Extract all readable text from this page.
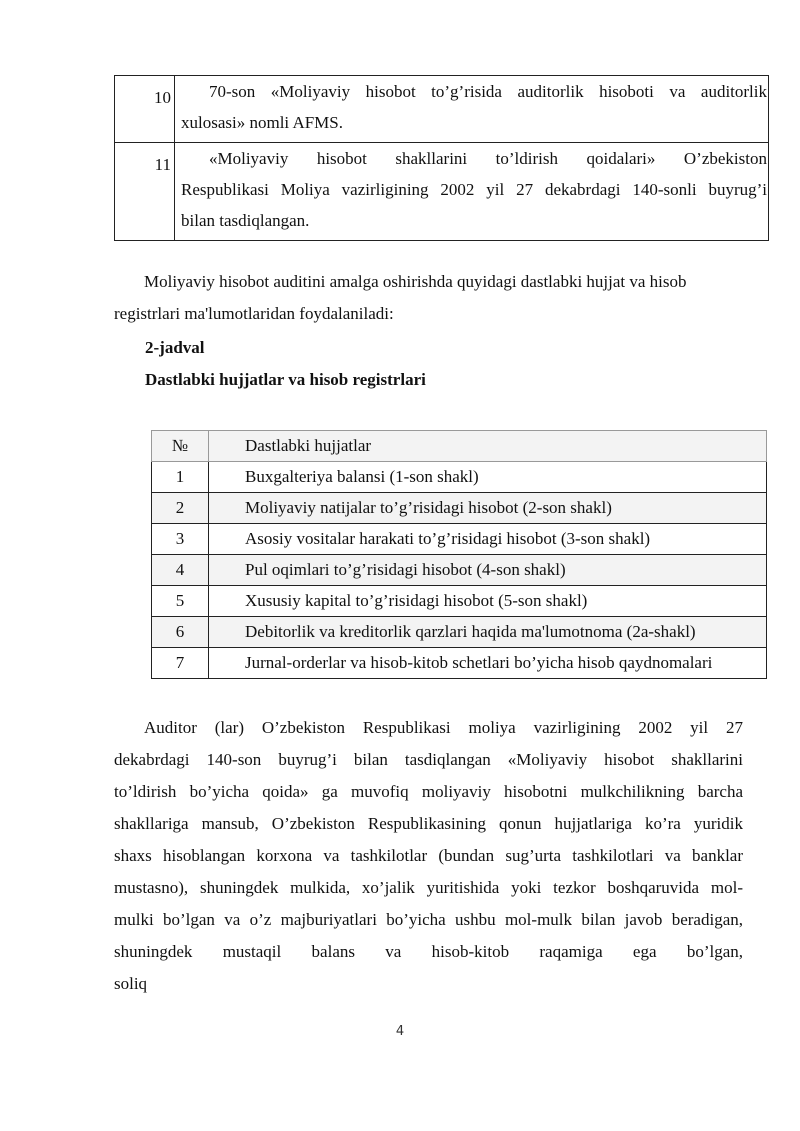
10	70-son «Moliyaviy hisobot to’g’risida auditorlik hisoboti va auditorlik
xulosasi» nomli AFMS.
11	«Moliyaviy hisobot shakllarini to’ldirish qoidalari» O’zbekiston
Respublikasi Moliya vazirligining 2002 yil 27 dekabrdagi 140-sonli buyrug’i
bilan tasdiqlangan.
Moliyaviy hisobot auditini amalga oshirishda quyidagi dastlabki hujjat va hisob
registrlari ma'lumotlaridan foydalaniladi:
2-jadval
Dastlabki hujjatlar va hisob registrlari
№	Dastlabki hujjatlar
1	Buxgalteriya balansi (1-son shakl)
2	Moliyaviy natijalar to’g’risidagi hisobot (2-son shakl)
3	Asosiy vositalar harakati to’g’risidagi hisobot (3-son shakl)
4	Pul oqimlari to’g’risidagi hisobot (4-son shakl)
5	Xususiy kapital to’g’risidagi hisobot (5-son shakl)
6	Debitorlik va kreditorlik qarzlari haqida ma'lumotnoma (2a-shakl)
7	Jurnal-orderlar va hisob-kitob schetlari bo’yicha hisob qaydnomalari
Auditor (lar) O’zbekiston Respublikasi moliya vazirligining 2002 yil 27
dekabrdagi 140-son buyrug’i bilan tasdiqlangan «Moliyaviy hisobot shakllarini
to’ldirish bo’yicha qoida» ga muvofiq moliyaviy hisobotni mulkchilikning barcha
shakllariga mansub, O’zbekiston Respublikasining qonun hujjatlariga ko’ra yuridik
shaxs hisoblangan korxona va tashkilotlar (bundan sug’urta tashkilotlari va banklar
mustasno), shuningdek mulkida, xo’jalik yuritishida yoki tezkor boshqaruvida mol-
mulki bo’lgan va o’z majburiyatlari bo’yicha ushbu mol-mulk bilan javob beradigan,
shuningdek mustaqil balans va hisob-kitob raqamiga ega bo’lgan, soliq
4
